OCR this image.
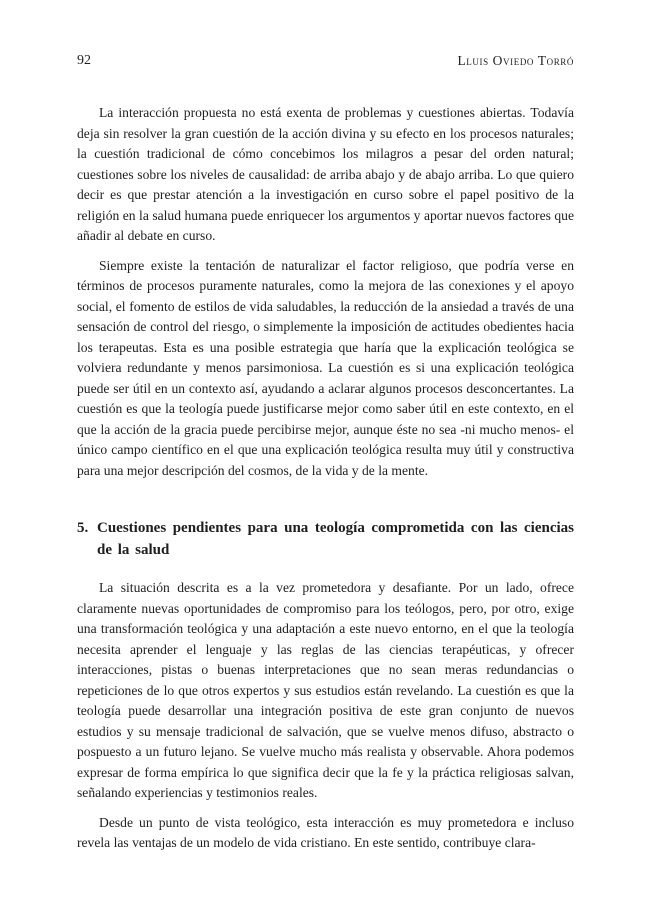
92	Lluis Oviedo Torró

La interacción propuesta no está exenta de problemas y cuestiones abiertas. Todavía deja sin resolver la gran cuestión de la acción divina y su efecto en los procesos naturales; la cuestión tradicional de cómo concebimos los milagros a pesar del orden natural; cuestiones sobre los niveles de causalidad: de arriba abajo y de abajo arriba. Lo que quiero decir es que prestar atención a la investigación en curso sobre el papel positivo de la religión en la salud humana puede enriquecer los argumentos y aportar nuevos factores que añadir al debate en curso.

Siempre existe la tentación de naturalizar el factor religioso, que podría verse en términos de procesos puramente naturales, como la mejora de las conexiones y el apoyo social, el fomento de estilos de vida saludables, la reducción de la ansiedad a través de una sensación de control del riesgo, o simplemente la imposición de actitudes obedientes hacia los terapeutas. Esta es una posible estrategia que haría que la explicación teológica se volviera redundante y menos parsimoniosa. La cuestión es si una explicación teológica puede ser útil en un contexto así, ayudando a aclarar algunos procesos desconcertantes. La cuestión es que la teología puede justificarse mejor como saber útil en este contexto, en el que la acción de la gracia puede percibirse mejor, aunque éste no sea -ni mucho menos- el único campo científico en el que una explicación teológica resulta muy útil y constructiva para una mejor descripción del cosmos, de la vida y de la mente.

5. Cuestiones pendientes para una teología comprometida con las ciencias de la salud

La situación descrita es a la vez prometedora y desafiante. Por un lado, ofrece claramente nuevas oportunidades de compromiso para los teólogos, pero, por otro, exige una transformación teológica y una adaptación a este nuevo entorno, en el que la teología necesita aprender el lenguaje y las reglas de las ciencias terapéuticas, y ofrecer interacciones, pistas o buenas interpretaciones que no sean meras redundancias o repeticiones de lo que otros expertos y sus estudios están revelando. La cuestión es que la teología puede desarrollar una integración positiva de este gran conjunto de nuevos estudios y su mensaje tradicional de salvación, que se vuelve menos difuso, abstracto o pospuesto a un futuro lejano. Se vuelve mucho más realista y observable. Ahora podemos expresar de forma empírica lo que significa decir que la fe y la práctica religiosas salvan, señalando experiencias y testimonios reales.

Desde un punto de vista teológico, esta interacción es muy prometedora e incluso revela las ventajas de un modelo de vida cristiano. En este sentido, contribuye clara-
